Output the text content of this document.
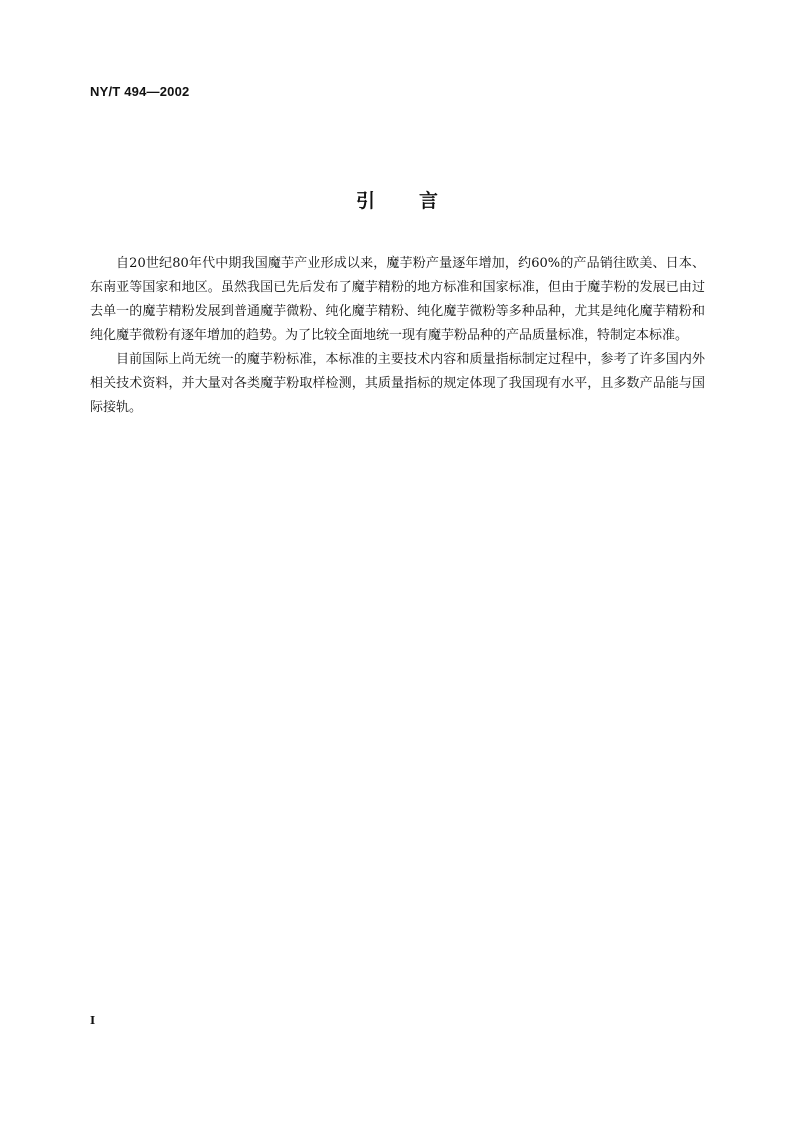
NY/T 494—2002
引 言

自20世纪80年代中期我国魔芋产业形成以来，魔芋粉产量逐年增加，约60%的产品销往欧美、日本、东南亚等国家和地区。虽然我国已先后发布了魔芋精粉的地方标准和国家标准，但由于魔芋粉的发展已由过去单一的魔芋精粉发展到普通魔芋微粉、纯化魔芋精粉、纯化魔芋微粉等多种品种，尤其是纯化魔芋精粉和纯化魔芋微粉有逐年增加的趋势。为了比较全面地统一现有魔芋粉品种的产品质量标准，特制定本标准。

目前国际上尚无统一的魔芋粉标准，本标准的主要技术内容和质量指标制定过程中，参考了许多国内外相关技术资料，并大量对各类魔芋粉取样检测，其质量指标的规定体现了我国现有水平，且多数产品能与国际接轨。

I
